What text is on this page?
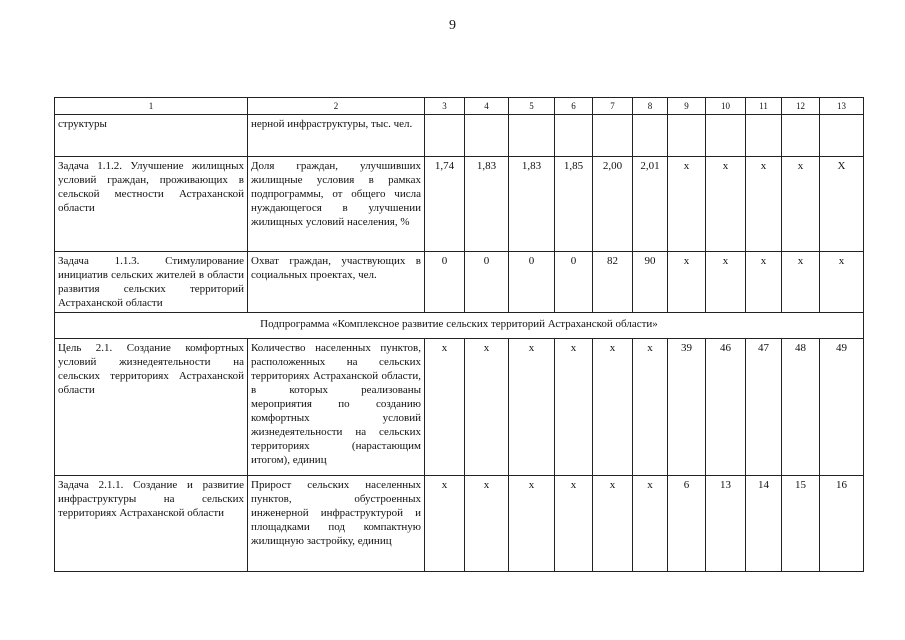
9
1	2	3	4	5	6	7	8	9	10	11	12	13
структуры	нерной инфраструктуры, тыс. чел.											
Задача 1.1.2. Улучшение жилищных условий граждан, проживающих в сельской местности Астраханской области	Доля граждан, улучшивших жилищные условия в рамках подпрограммы, от общего числа нуждающегося в улучшении жилищных условий населения, %	1,74	1,83	1,83	1,85	2,00	2,01	х	х	х	х	Х
Задача 1.1.3. Стимулирование инициатив сельских жителей в области развития сельских территорий Астраханской области	Охват граждан, участвующих в социальных проектах, чел.	0	0	0	0	82	90	х	х	х	х	х
Подпрограмма «Комплексное развитие сельских территорий Астраханской области»												
Цель 2.1. Создание комфортных условий жизнедеятельности на сельских территориях Астраханской области	Количество населенных пунктов, расположенных на сельских территориях Астраханской области, в которых реализованы мероприятия по созданию комфортных условий жизнедеятельности на сельских территориях (нарастающим итогом), единиц	х	х	х	х	х	х	39	46	47	48	49
Задача 2.1.1. Создание и развитие инфраструктуры на сельских территориях Астраханской области	Прирост сельских населенных пунктов, обустроенных инженерной инфраструктурой и площадками под компактную жилищную застройку, единиц	х	х	х	х	х	х	6	13	14	15	16
